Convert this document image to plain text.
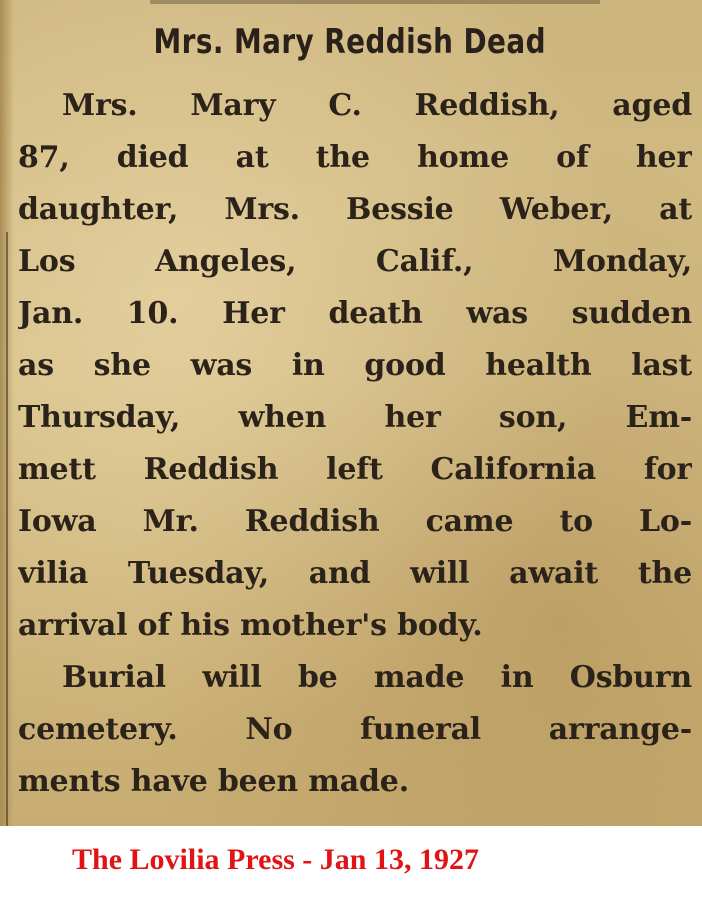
Mrs. Mary Reddish Dead
Mrs. Mary C. Reddish, aged
87, died at the home of her
daughter, Mrs. Bessie Weber, at
Los Angeles, Calif., Monday,
Jan. 10. Her death was sudden
as she was in good health last
Thursday, when her son, Em-
mett Reddish left California for
Iowa Mr. Reddish came to Lo-
vilia Tuesday, and will await the
arrival of his mother's body.
Burial will be made in Osburn
cemetery. No funeral arrange-
ments have been made.
The Lovilia Press - Jan 13, 1927
